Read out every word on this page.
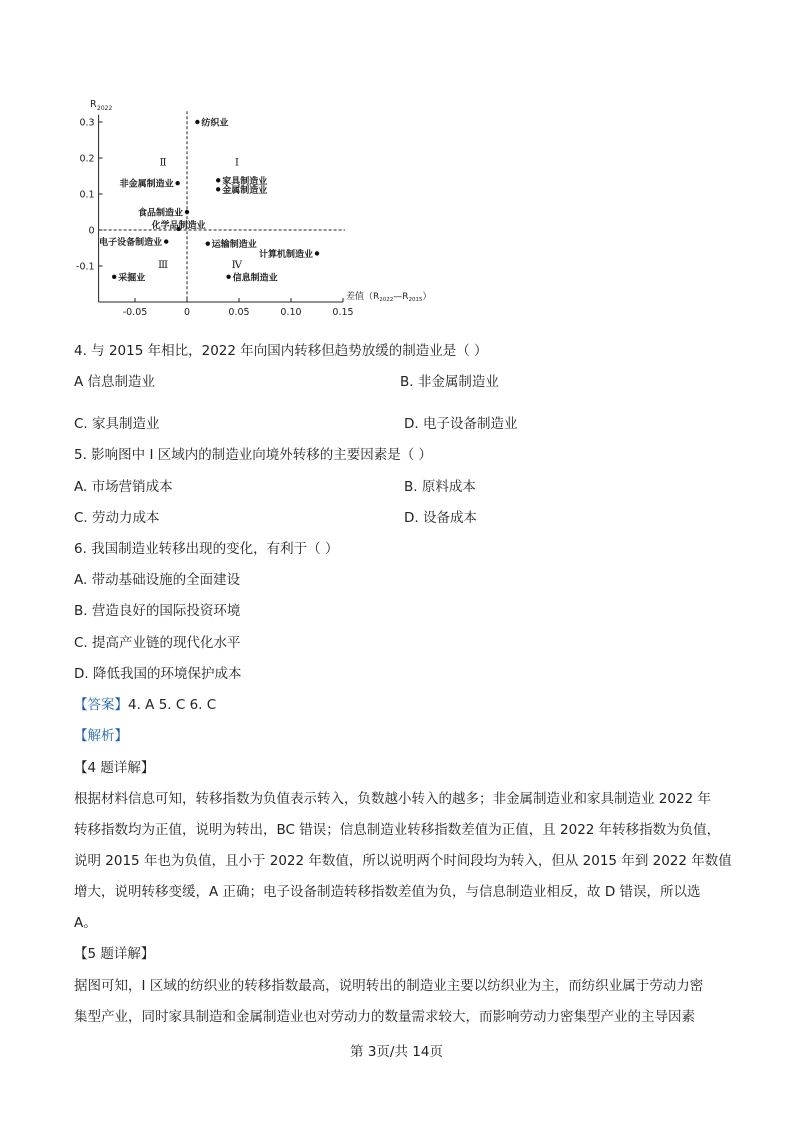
0.3
0.2
0.1
0
-0.1
-0.05	0	0.05	0.10	0.15
R 2022
差值$(R_{2022}—R_{2015})$
Ⅰ
Ⅱ
Ⅲ	Ⅳ
纺织业
非金属制造业	家具制造业
金属制造业
食品制造业
化学品制造业
电子设备制造业	运输制造业
计算机制造业
采掘业	信息制造业
4. 与 2015 年相比，2022 年向国内转移但趋势放缓的制造业是（ ）
A 信息制造业	B. 非金属制造业
C. 家具制造业	D. 电子设备制造业
5. 影响图中 I 区域内的制造业向境外转移的主要因素是（ ）
A. 市场营销成本	B. 原料成本
C. 劳动力成本	D. 设备成本
6. 我国制造业转移出现的变化，有利于（ ）
A. 带动基础设施的全面建设
B. 营造良好的国际投资环境
C. 提高产业链的现代化水平
D. 降低我国的环境保护成本
【答案】4. A 5. C 6. C
【解析】
【4 题详解】
根据材料信息可知，转移指数为负值表示转入，负数越小转入的越多；非金属制造业和家具制造业 2022 年
转移指数均为正值，说明为转出，BC 错误；信息制造业转移指数差值为正值，且 2022 年转移指数为负值，
说明 2015 年也为负值，且小于 2022 年数值，所以说明两个时间段均为转入，但从 2015 年到 2022 年数值
增大，说明转移变缓，A 正确；电子设备制造转移指数差值为负，与信息制造业相反，故 D 错误，所以选
A。
【5 题详解】
据图可知，I 区域的纺织业的转移指数最高，说明转出的制造业主要以纺织业为主，而纺织业属于劳动力密
集型产业，同时家具制造和金属制造业也对劳动力的数量需求较大，而影响劳动力密集型产业的主导因素
第 3页/共 14页
